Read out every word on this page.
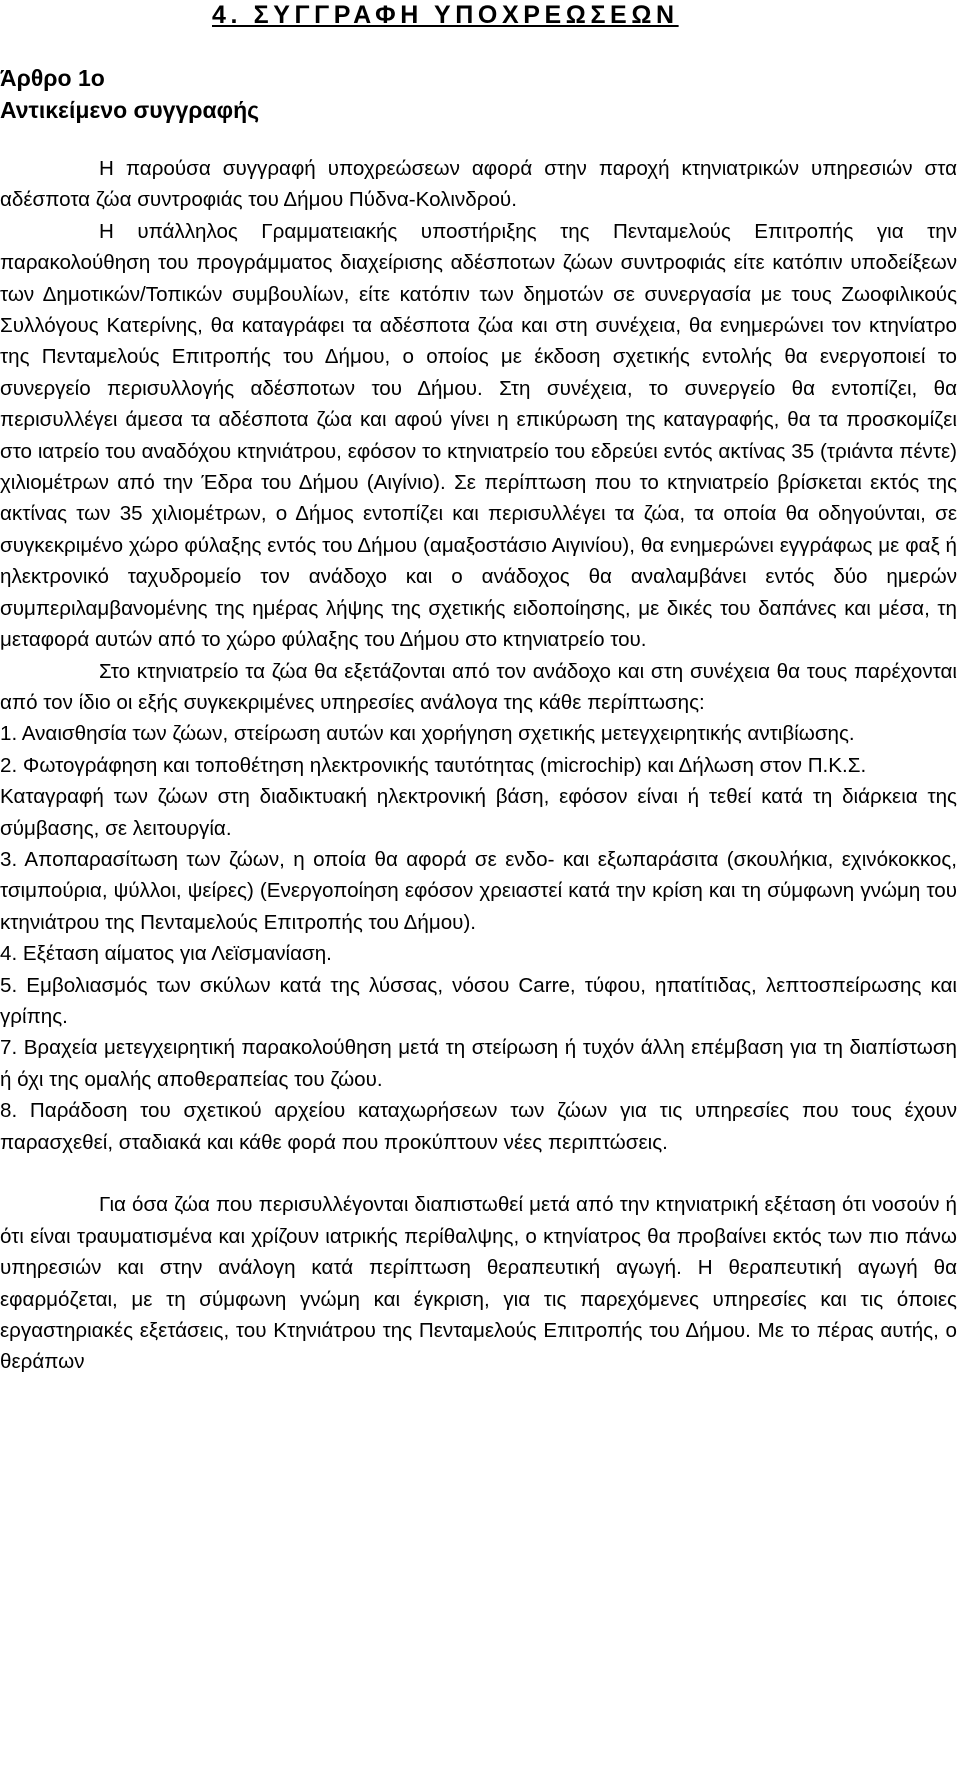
4. ΣΥΓΓΡΑΦΗ ΥΠΟΧΡΕΩΣΕΩΝ
Άρθρο 1ο
Αντικείμενο συγγραφής

Η παρούσα συγγραφή υποχρεώσεων αφορά στην παροχή κτηνιατρικών υπηρεσιών στα αδέσποτα ζώα συντροφιάς του Δήμου Πύδνα-Κολινδρού.

Η υπάλληλος Γραμματειακής υποστήριξης της Πενταμελούς Επιτροπής για την παρακολούθηση του προγράμματος διαχείρισης αδέσποτων ζώων συντροφιάς είτε κατόπιν υποδείξεων των Δημοτικών/Τοπικών συμβουλίων, είτε κατόπιν των δημοτών σε συνεργασία με τους Ζωοφιλικούς Συλλόγους Κατερίνης, θα καταγράφει τα αδέσποτα ζώα και στη συνέχεια, θα ενημερώνει τον κτηνίατρο της Πενταμελούς Επιτροπής του Δήμου, ο οποίος με έκδοση σχετικής εντολής θα ενεργοποιεί το συνεργείο περισυλλογής αδέσποτων του Δήμου. Στη συνέχεια, το συνεργείο θα εντοπίζει, θα περισυλλέγει άμεσα τα αδέσποτα ζώα και αφού γίνει η επικύρωση της καταγραφής, θα τα προσκομίζει στο ιατρείο του αναδόχου κτηνιάτρου, εφόσον το κτηνιατρείο του εδρεύει εντός ακτίνας 35 (τριάντα πέντε) χιλιομέτρων από την Έδρα του Δήμου (Αιγίνιο). Σε περίπτωση που το κτηνιατρείο βρίσκεται εκτός της ακτίνας των 35 χιλιομέτρων, ο Δήμος εντοπίζει και περισυλλέγει τα ζώα, τα οποία θα οδηγούνται, σε συγκεκριμένο χώρο φύλαξης εντός του Δήμου (αμαξοστάσιο Αιγινίου), θα ενημερώνει εγγράφως με φαξ ή ηλεκτρονικό ταχυδρομείο τον ανάδοχο και ο ανάδοχος θα αναλαμβάνει εντός δύο ημερών συμπεριλαμβανομένης της ημέρας λήψης της σχετικής ειδοποίησης, με δικές του δαπάνες και μέσα, τη μεταφορά αυτών από το χώρο φύλαξης του Δήμου στο κτηνιατρείο του.

Στο κτηνιατρείο τα ζώα θα εξετάζονται από τον ανάδοχο και στη συνέχεια θα τους παρέχονται από τον ίδιο οι εξής συγκεκριμένες υπηρεσίες ανάλογα της κάθε περίπτωσης:

1. Αναισθησία των ζώων, στείρωση αυτών και χορήγηση σχετικής μετεγχειρητικής αντιβίωσης.

2. Φωτογράφηση και τοποθέτηση ηλεκτρονικής ταυτότητας (microchip) και Δήλωση στον Π.Κ.Σ.

Καταγραφή των ζώων στη διαδικτυακή ηλεκτρονική βάση, εφόσον είναι ή τεθεί κατά τη διάρκεια της σύμβασης, σε λειτουργία.

3. Αποπαρασίτωση των ζώων, η οποία θα αφορά σε ενδο- και εξωπαράσιτα (σκουλήκια, εχινόκοκκος, τσιμπούρια, ψύλλοι, ψείρες) (Ενεργοποίηση εφόσον χρειαστεί κατά την κρίση και τη σύμφωνη γνώμη του κτηνιάτρου της Πενταμελούς Επιτροπής του Δήμου).

4. Εξέταση αίματος για Λεϊσμανίαση.

5. Εμβολιασμός των σκύλων κατά της λύσσας, νόσου Carre, τύφου, ηπατίτιδας, λεπτοσπείρωσης και γρίπης.

7. Βραχεία μετεγχειρητική παρακολούθηση μετά τη στείρωση ή τυχόν άλλη επέμβαση για τη διαπίστωση ή όχι της ομαλής αποθεραπείας του ζώου.

8. Παράδοση του σχετικού αρχείου καταχωρήσεων των ζώων για τις υπηρεσίες που τους έχουν παρασχεθεί, σταδιακά και κάθε φορά που προκύπτουν νέες περιπτώσεις.

Για όσα ζώα που περισυλλέγονται διαπιστωθεί μετά από την κτηνιατρική εξέταση ότι νοσούν ή ότι είναι τραυματισμένα και χρίζουν ιατρικής περίθαλψης, ο κτηνίατρος θα προβαίνει εκτός των πιο πάνω υπηρεσιών και στην ανάλογη κατά περίπτωση θεραπευτική αγωγή. Η θεραπευτική αγωγή θα εφαρμόζεται, με τη σύμφωνη γνώμη και έγκριση, για τις παρεχόμενες υπηρεσίες και τις όποιες εργαστηριακές εξετάσεις, του Κτηνιάτρου της Πενταμελούς Επιτροπής του Δήμου. Με το πέρας αυτής, ο θεράπων
